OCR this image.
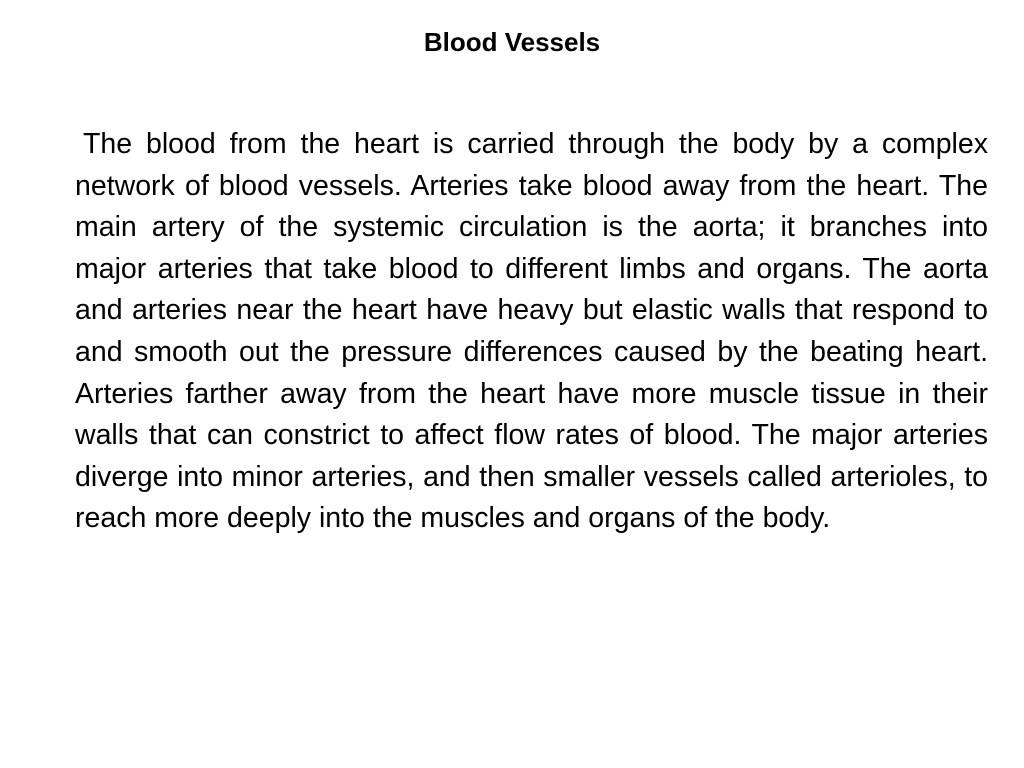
Blood Vessels

The blood from the heart is carried through the body by a complex network of blood vessels. Arteries take blood away from the heart. The main artery of the systemic circulation is the aorta; it branches into major arteries that take blood to different limbs and organs. The aorta and arteries near the heart have heavy but elastic walls that respond to and smooth out the pressure differences caused by the beating heart. Arteries farther away from the heart have more muscle tissue in their walls that can constrict to affect flow rates of blood. The major arteries diverge into minor arteries, and then smaller vessels called arterioles, to reach more deeply into the muscles and organs of the body.
